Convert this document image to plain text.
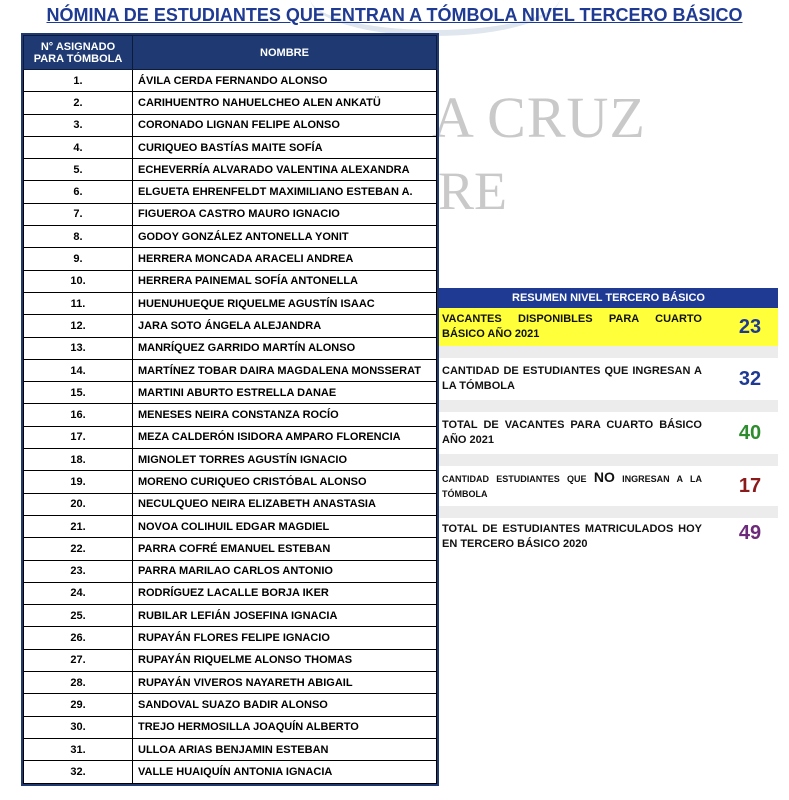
A CRUZ
RE
NÓMINA DE ESTUDIANTES QUE ENTRAN A TÓMBOLA NIVEL TERCERO BÁSICO
N° ASIGNADO
PARA TÓMBOLA	NOMBRE
1.	ÁVILA CERDA FERNANDO ALONSO
2.	CARIHUENTRO NAHUELCHEO ALEN ANKATÜ
3.	CORONADO LIGNAN FELIPE ALONSO
4.	CURIQUEO BASTÍAS MAITE SOFÍA
5.	ECHEVERRÍA ALVARADO VALENTINA ALEXANDRA
6.	ELGUETA EHRENFELDT MAXIMILIANO ESTEBAN A.
7.	FIGUEROA CASTRO MAURO IGNACIO
8.	GODOY GONZÁLEZ ANTONELLA YONIT
9.	HERRERA MONCADA ARACELI ANDREA
10.	HERRERA PAINEMAL SOFÍA ANTONELLA
11.	HUENUHUEQUE RIQUELME AGUSTÍN ISAAC
12.	JARA SOTO ÁNGELA ALEJANDRA
13.	MANRÍQUEZ GARRIDO MARTÍN ALONSO
14.	MARTÍNEZ TOBAR DAIRA MAGDALENA MONSSERAT
15.	MARTINI ABURTO ESTRELLA DANAE
16.	MENESES NEIRA CONSTANZA ROCÍO
17.	MEZA CALDERÓN ISIDORA AMPARO FLORENCIA
18.	MIGNOLET TORRES AGUSTÍN IGNACIO
19.	MORENO CURIQUEO CRISTÓBAL ALONSO
20.	NECULQUEO NEIRA ELIZABETH ANASTASIA
21.	NOVOA COLIHUIL EDGAR MAGDIEL
22.	PARRA COFRÉ EMANUEL ESTEBAN
23.	PARRA MARILAO CARLOS ANTONIO
24.	RODRÍGUEZ LACALLE BORJA IKER
25.	RUBILAR LEFIÁN JOSEFINA IGNACIA
26.	RUPAYÁN FLORES FELIPE IGNACIO
27.	RUPAYÁN RIQUELME ALONSO THOMAS
28.	RUPAYÁN VIVEROS NAYARETH ABIGAIL
29.	SANDOVAL SUAZO BADIR ALONSO
30.	TREJO HERMOSILLA JOAQUÍN ALBERTO
31.	ULLOA ARIAS BENJAMIN ESTEBAN
32.	VALLE HUAIQUÍN ANTONIA IGNACIA
RESUMEN NIVEL TERCERO BÁSICO
VACANTES DISPONIBLES PARA CUARTO BÁSICO AÑO 2021	23
CANTIDAD DE ESTUDIANTES QUE INGRESAN A LA TÓMBOLA	32
TOTAL DE VACANTES PARA CUARTO BÁSICO AÑO 2021	40
CANTIDAD ESTUDIANTES QUE NO INGRESAN A LA TÓMBOLA	17
TOTAL DE ESTUDIANTES MATRICULADOS HOY EN TERCERO BÁSICO 2020	49
